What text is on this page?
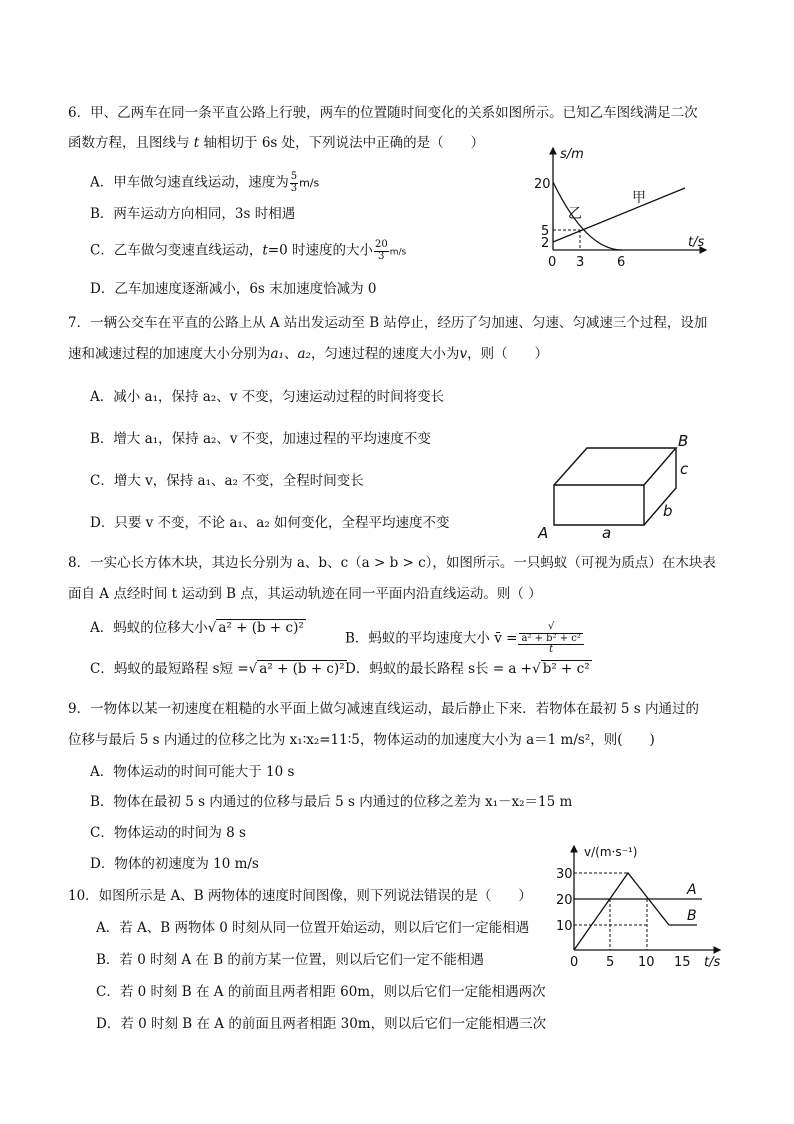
6．甲、乙两车在同一条平直公路上行驶，两车的位置随时间变化的关系如图所示。已知乙车图线满足二次
函数方程，且图线与 t 轴相切于 6s 处，下列说法中正确的是（　　）
A．甲车做匀速直线运动，速度为 $\frac{5}{3} m/s$
B．两车运动方向相同，3s 时相遇
C．乙车做匀变速直线运动，t=0 时速度的大小 $\frac{20}{3} m/s$
D．乙车加速度逐渐减小，6s 末加速度恰减为 0
s/m
t/s
20
5
2
0 3	6
乙
甲
7．一辆公交车在平直的公路上从 A 站出发运动至 B 站停止，经历了匀加速、匀速、匀减速三个过程，设加
速和减速过程的加速度大小分别为a₁、a₂，匀速过程的速度大小为v，则（　　）
A．减小 a₁，保持 a₂、v 不变，匀速运动过程的时间将变长
B．增大 a₁，保持 a₂、v 不变，加速过程的平均速度不变
C．增大 v，保持 a₁、a₂ 不变，全程时间变长
D．只要 v 不变，不论 a₁、a₂ 如何变化，全程平均速度不变
B
c
b
A	a
8．一实心长方体木块，其边长分别为 a、b、c（a > b > c），如图所示。一只蚂蚁（可视为质点）在木块表
面自 A 点经时间 t 运动到 B 点，其运动轨迹在同一平面内沿直线运动。则（ ）
A．蚂蚁的位移大小√ a² + (b + c)²
B．蚂蚁的平均速度大小 v̄ = √
a² + b² + c²
t
C．蚂蚁的最短路程 s短 =√ a² + (b + c)² D．蚂蚁的最长路程 s长 = a +√ b² + c²
9．一物体以某一初速度在粗糙的水平面上做匀减速直线运动，最后静止下来．若物体在最初 5 s 内通过的
位移与最后 5 s 内通过的位移之比为 x₁∶x₂=11∶5，物体运动的加速度大小为 a＝1 m/s²，则(　　)
A．物体运动的时间可能大于 10 s
B．物体在最初 5 s 内通过的位移与最后 5 s 内通过的位移之差为 x₁－x₂＝15 m
C．物体运动的时间为 8 s
D．物体的初速度为 10 m/s
10．如图所示是 A、B 两物体的速度时间图像，则下列说法错误的是（　　）
A．若 A、B 两物体 0 时刻从同一位置开始运动，则以后它们一定能相遇
B．若 0 时刻 A 在 B 的前方某一位置，则以后它们一定不能相遇
C．若 0 时刻 B 在 A 的前面且两者相距 60m，则以后它们一定能相遇两次
D．若 0 时刻 B 在 A 的前面且两者相距 30m，则以后它们一定能相遇三次
v/(m·s⁻¹)
t/s
30
20
10
0 5 10 15
A
B
